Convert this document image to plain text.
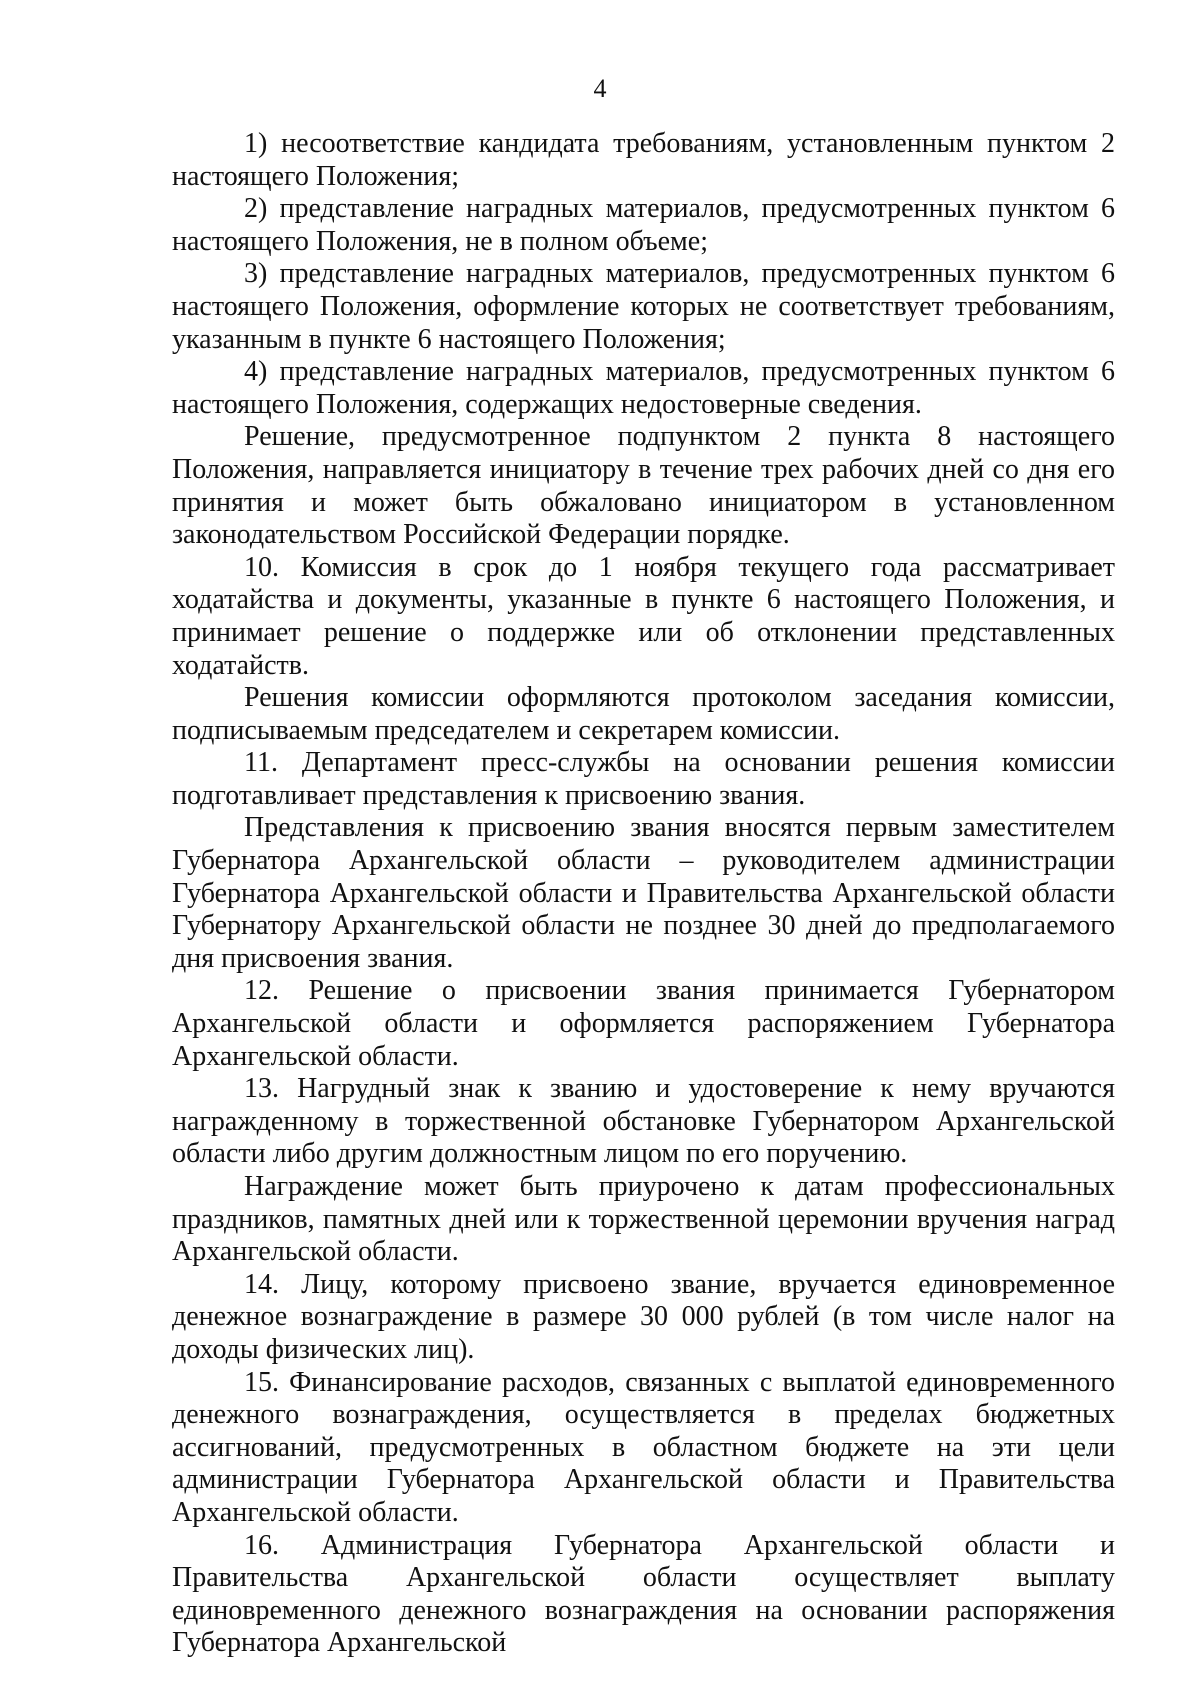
4

1) несоответствие кандидата требованиям, установленным пунктом 2 настоящего Положения;

2) представление наградных материалов, предусмотренных пунктом 6 настоящего Положения, не в полном объеме;

3) представление наградных материалов, предусмотренных пунктом 6 настоящего Положения, оформление которых не соответствует требованиям, указанным в пункте 6 настоящего Положения;

4) представление наградных материалов, предусмотренных пунктом 6 настоящего Положения, содержащих недостоверные сведения.

Решение, предусмотренное подпунктом 2 пункта 8 настоящего Положения, направляется инициатору в течение трех рабочих дней со дня его принятия и может быть обжаловано инициатором в установленном законодательством Российской Федерации порядке.

10. Комиссия в срок до 1 ноября текущего года рассматривает ходатайства и документы, указанные в пункте 6 настоящего Положения, и принимает решение о поддержке или об отклонении представленных ходатайств.

Решения комиссии оформляются протоколом заседания комиссии, подписываемым председателем и секретарем комиссии.

11. Департамент пресс-службы на основании решения комиссии подготавливает представления к присвоению звания.

Представления к присвоению звания вносятся первым заместителем Губернатора Архангельской области – руководителем администрации Губернатора Архангельской области и Правительства Архангельской области Губернатору Архангельской области не позднее 30 дней до предполагаемого дня присвоения звания.

12. Решение о присвоении звания принимается Губернатором Архангельской области и оформляется распоряжением Губернатора Архангельской области.

13. Нагрудный знак к званию и удостоверение к нему вручаются награжденному в торжественной обстановке Губернатором Архангельской области либо другим должностным лицом по его поручению.

Награждение может быть приурочено к датам профессиональных праздников, памятных дней или к торжественной церемонии вручения наград Архангельской области.

14. Лицу, которому присвоено звание, вручается единовременное денежное вознаграждение в размере 30 000 рублей (в том числе налог на доходы физических лиц).

15. Финансирование расходов, связанных с выплатой единовременного денежного вознаграждения, осуществляется в пределах бюджетных ассигнований, предусмотренных в областном бюджете на эти цели администрации Губернатора Архангельской области и Правительства Архангельской области.

16. Администрация Губернатора Архангельской области и Правительства Архангельской области осуществляет выплату единовременного денежного вознаграждения на основании распоряжения Губернатора Архангельской
